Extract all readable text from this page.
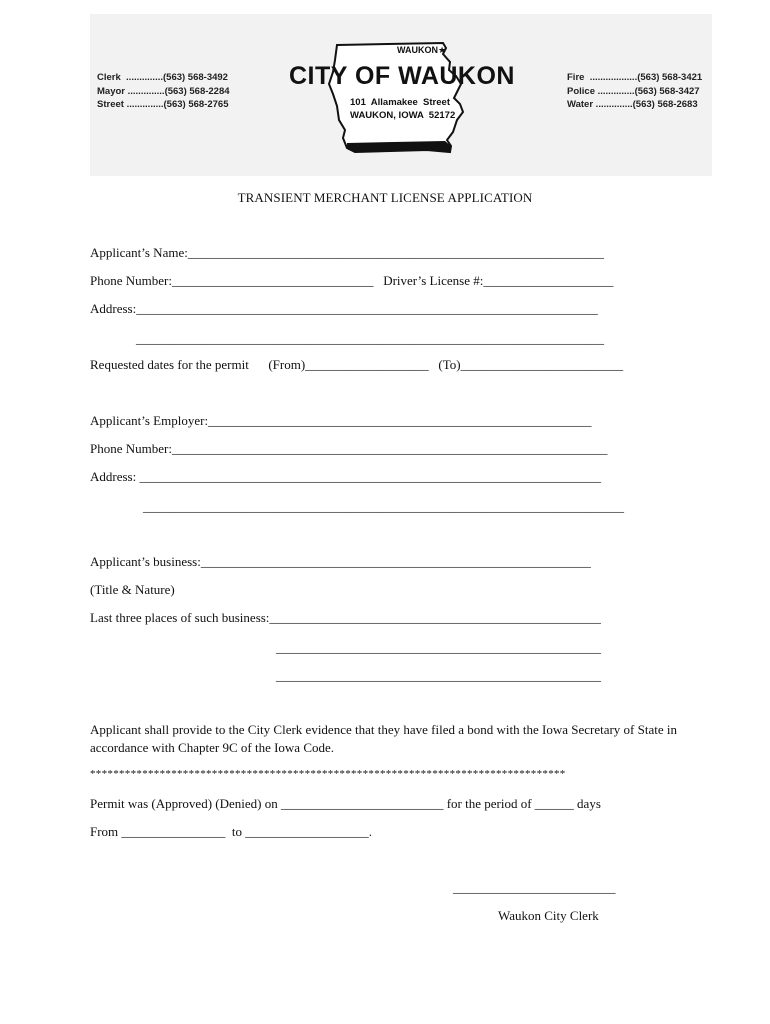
Clerk  ..............(563) 568-3492
Mayor ..............(563) 568-2284
Street ..............(563) 568-2765
WAUKON★
CITY OF WAUKON
101  Allamakee  Street
WAUKON, IOWA  52172
Fire  ..................(563) 568-3421
Police ..............(563) 568-3427
Water ..............(563) 568-2683
TRANSIENT MERCHANT LICENSE APPLICATION
Applicant’s Name:________________________________________________________________
Phone Number:_______________________________   Driver’s License #:____________________
Address:_______________________________________________________________________
________________________________________________________________________
Requested dates for the permit      (From)___________________   (To)_________________________
Applicant’s Employer:___________________________________________________________
Phone Number:___________________________________________________________________
Address: _______________________________________________________________________
__________________________________________________________________________
Applicant’s business:____________________________________________________________
(Title & Nature)
Last three places of such business:___________________________________________________
__________________________________________________
__________________________________________________
Applicant shall provide to the City Clerk evidence that they have filed a bond with the Iowa Secretary of State in accordance with Chapter 9C of the Iowa Code.
**********************************************************************************
Permit was (Approved) (Denied) on _________________________ for the period of ______ days
From ________________  to ___________________.
_________________________
Waukon City Clerk
